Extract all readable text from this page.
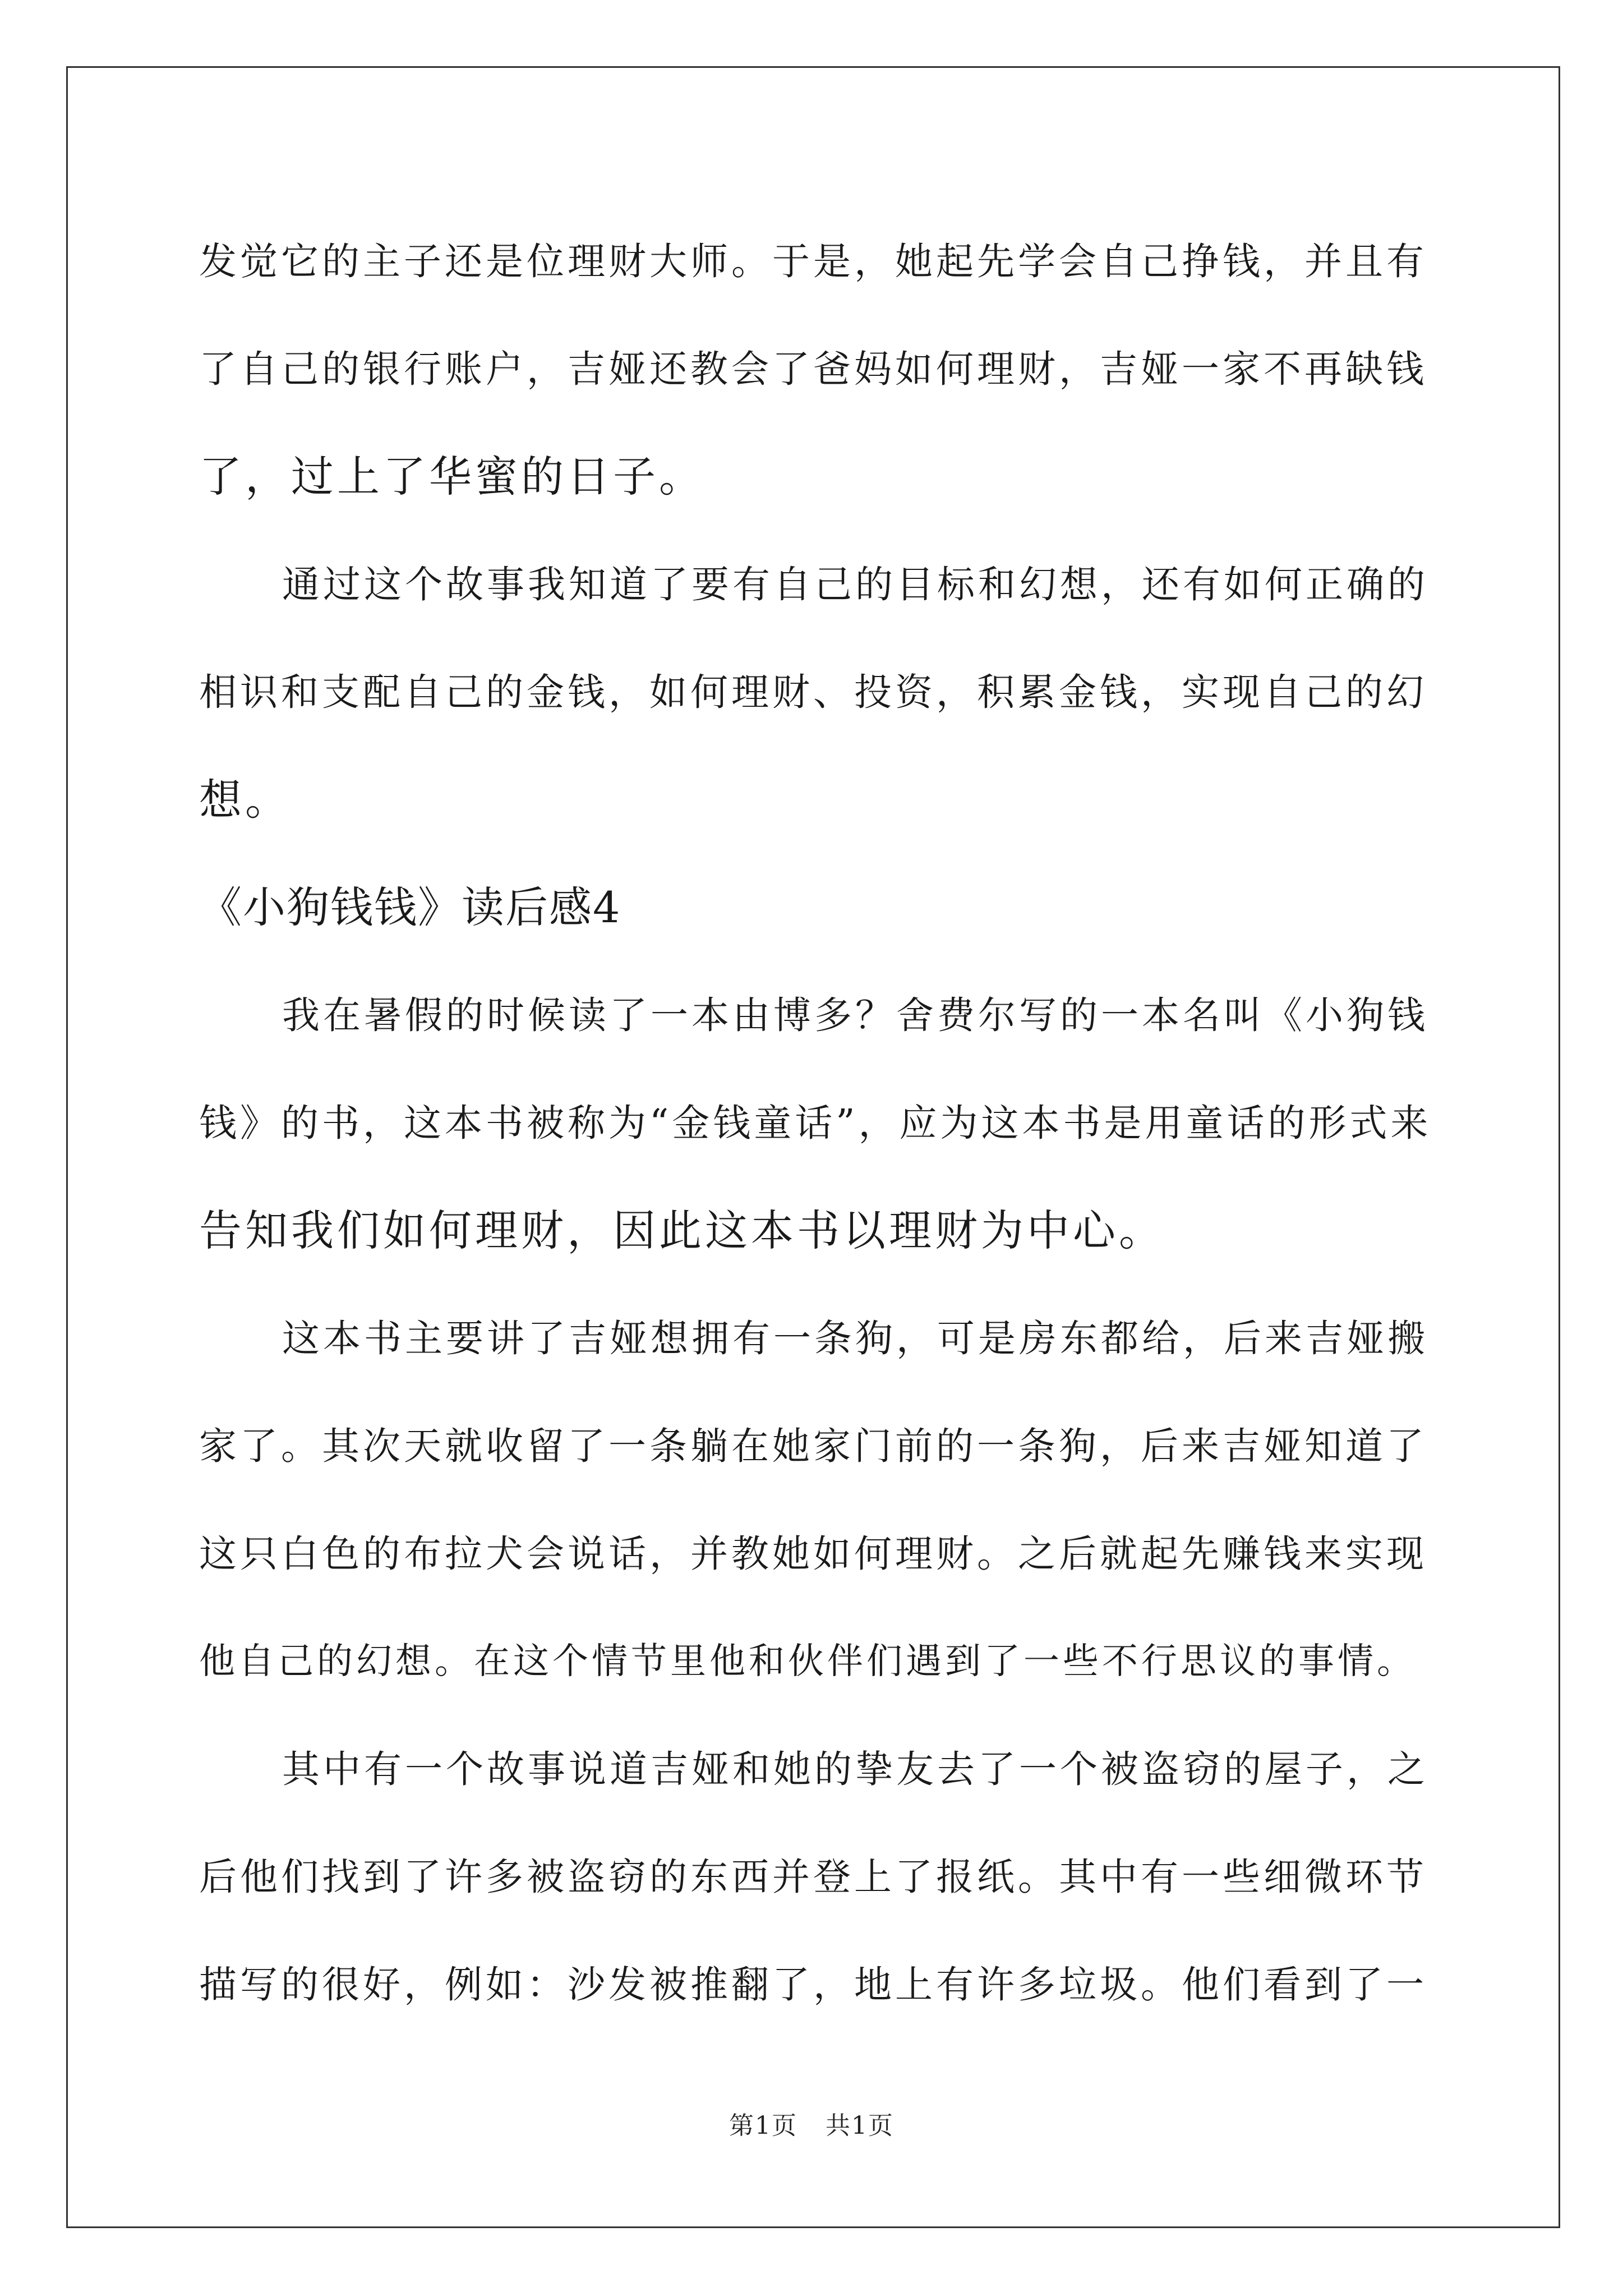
发觉它的主子还是位理财大师。于是，她起先学会自己挣钱，并且有
了自己的银行账户，吉娅还教会了爸妈如何理财，吉娅一家不再缺钱
了，过上了华蜜的日子。
通过这个故事我知道了要有自己的目标和幻想，还有如何正确的
相识和支配自己的金钱，如何理财、投资，积累金钱，实现自己的幻
想。
《小狗钱钱》读后感4
我在暑假的时候读了一本由博多？舍费尔写的一本名叫《小狗钱
钱》的书，这本书被称为“金钱童话”，应为这本书是用童话的形式来
告知我们如何理财，因此这本书以理财为中心。
这本书主要讲了吉娅想拥有一条狗，可是房东都给，后来吉娅搬
家了。其次天就收留了一条躺在她家门前的一条狗，后来吉娅知道了
这只白色的布拉犬会说话，并教她如何理财。之后就起先赚钱来实现
他自己的幻想。在这个情节里他和伙伴们遇到了一些不行思议的事情。
其中有一个故事说道吉娅和她的挚友去了一个被盗窃的屋子，之
后他们找到了许多被盗窃的东西并登上了报纸。其中有一些细微环节
描写的很好，例如：沙发被推翻了，地上有许多垃圾。他们看到了一
第1页 共1页
